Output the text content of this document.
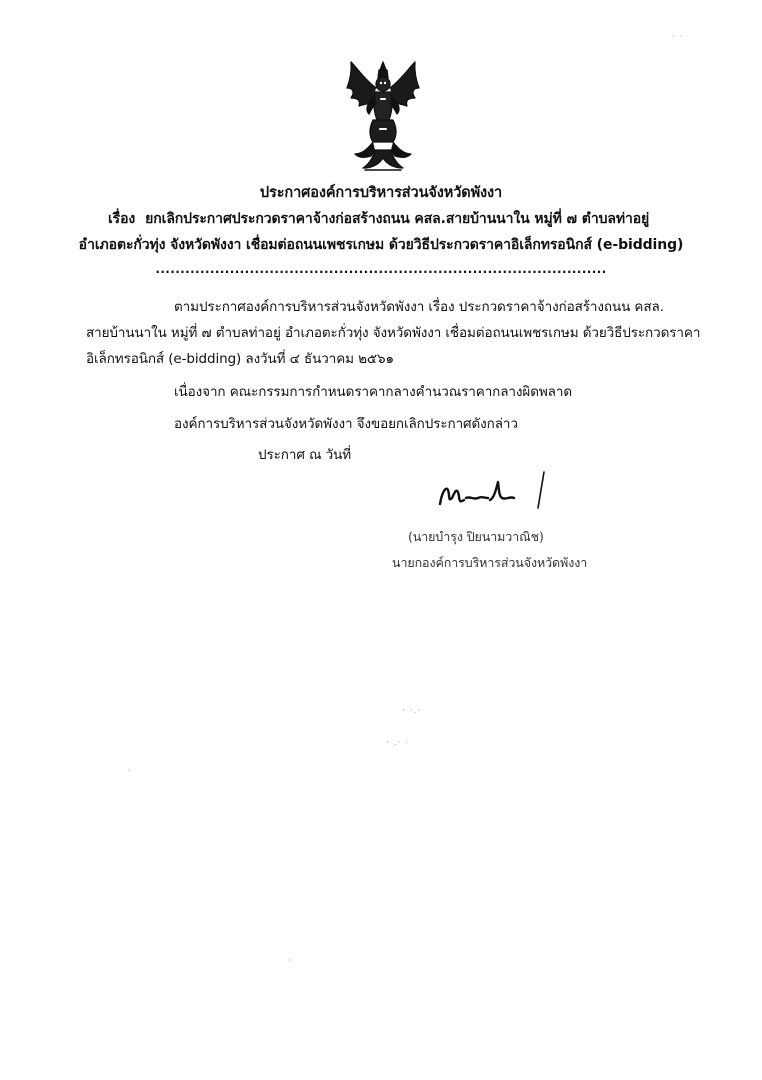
ประกาศองค์การบริหารส่วนจังหวัดพังงา
เรื่อง ยกเลิกประกาศประกวดราคาจ้างก่อสร้างถนน คสล.สายบ้านนาใน หมู่ที่ ๗ ตำบลท่าอยู่
อำเภอตะกั่วทุ่ง จังหวัดพังงา เชื่อมต่อถนนเพชรเกษม ด้วยวิธีประกวดราคาอิเล็กทรอนิกส์ (e-bidding)
...........................................................................................
ตามประกาศองค์การบริหารส่วนจังหวัดพังงา เรื่อง ประกวดราคาจ้างก่อสร้างถนน คสล.
สายบ้านนาใน หมู่ที่ ๗ ตำบลท่าอยู่ อำเภอตะกั่วทุ่ง จังหวัดพังงา เชื่อมต่อถนนเพชรเกษม ด้วยวิธีประกวดราคา
อิเล็กทรอนิกส์ (e-bidding) ลงวันที่ ๔ ธันวาคม ๒๕๖๑
เนื่องจาก คณะกรรมการกำหนดราคากลางคำนวณราคากลางผิดพลาด
องค์การบริหารส่วนจังหวัดพังงา จึงขอยกเลิกประกาศดังกล่าว
ประกาศ ณ วันที่
(นายบำรุง ปิยนามวาณิช)
นายกองค์การบริหารส่วนจังหวัดพังงา
· ·.·
· .· ·
·
·
· ·
